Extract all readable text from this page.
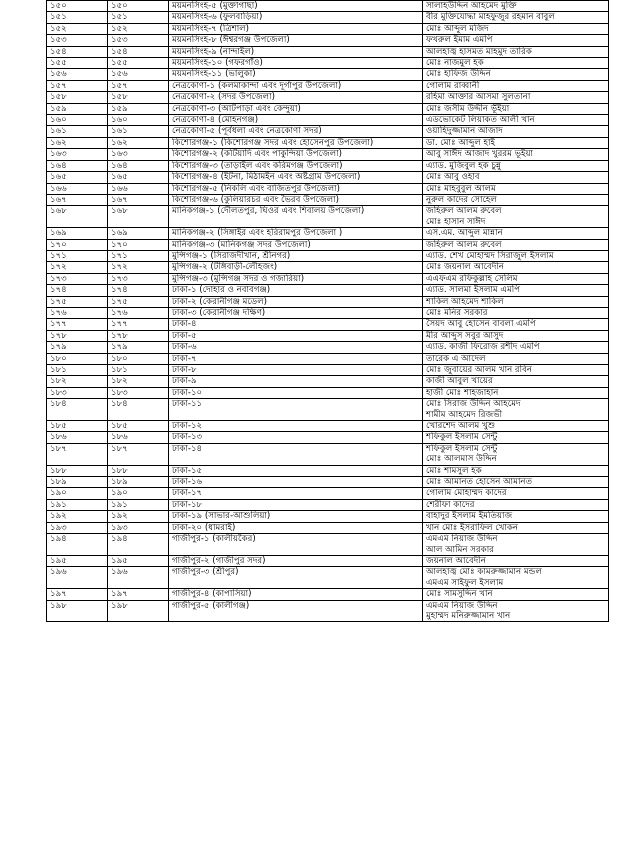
১৫০	১৫০	ময়মনসিংহ-৫ (মুক্তাগাছা)	সালাহউদ্দিন আহমেদ মুক্তি

১৫১	১৫১	ময়মনসিংহ-৬ (ফুলবাড়িয়া)	বীর মুক্তিযোদ্ধা মাহফুজুর রহমান বাবুল

১৫২	১৫২	ময়মনসিংহ-৭ (ত্রিশাল)	মোঃ আব্দুল মজিদ

১৫৩	১৫৩	ময়মনসিংহ-৮ (ঈশ্বরগঞ্জ উপজেলা)	ফখরুল ইমাম এমপি

১৫৪	১৫৪	ময়মনসিংহ-৯ (নান্দাইল)	আলহাজ্ব হাসমত মাহমুদ তারিক

১৫৫	১৫৫	ময়মনসিংহ-১০ (গফরগাঁও)	মোঃ নাজমুল হক

১৫৬	১৫৬	ময়মনসিংহ-১১ (ভালুকা)	মোঃ হাফিজ উদ্দিন

১৫৭	১৫৭	নেত্রকোণা-১ (কলমাকান্দা এবং দূর্গাপুর উপজেলা)	গোলাম রাব্বানী

১৫৮	১৫৮	নেত্রকোণা-২ (সদর উপজেলা)	রহিমা আক্তার আসমা সুলতানা

১৫৯	১৫৯	নেত্রকোণা-৩ (আটপাড়া এবং কেন্দুয়া)	মোঃ জসীম উদ্দীন ভূঁইয়া

১৬০	১৬০	নেত্রকোণা-৪ (মোহনগঞ্জ)	এডভোকেট লিয়াকত আলী খান

১৬১	১৬১	নেত্রকোণা-৫ (পূর্বধলা এবং নেত্রকোণা সদর)	ওয়াহিদুজ্জামান আজাদ

১৬২	১৬২	কিশোরগঞ্জ-১ (কিশোরগঞ্জ সদর এবং হোসেনপুর উপজেলা)	ডা. মোঃ আব্দুল হাই

১৬৩	১৬৩	কিশোরগঞ্জ-২ (কটিয়াদি এবং পাকুন্দিয়া উপজেলা)	আবু সাঈদ আজাদ খুররম ভূইয়া

১৬৪	১৬৪	কিশোরগঞ্জ-৩ (তাড়াইল এবং করিমগঞ্জ উপজেলা)	এ্যাড. মুজিবুল হক চুন্নু

১৬৫	১৬৫	কিশোরগঞ্জ-৪ (ইটনা, মিঠামইন এবং অষ্টগ্রাম উপজেলা)	মোঃ আবু ওহাব

১৬৬	১৬৬	কিশোরগঞ্জ-৫ (নিকলি এবং বাজিতপুর উপজেলা)	মোঃ মাহবুবুল আলম

১৬৭	১৬৭	কিশোরগঞ্জ-৬ (কুলিয়ারচর এবং ভৈরব উপজেলা)	নুরুল কাদের সোহেল

১৬৮	১৬৮	মানিকগঞ্জ-১ (দৌলতপুর, ঘিওর এবং শিবালয় উপজেলা)	জহিরুল আলম রুবেল
মোঃ হাসান সাঈদ

১৬৯	১৬৯	মানিকগঞ্জ-২ (সিঙ্গাইর এবং হরিরামপুর উপজেলা )	এস.এম. আব্দুল মান্নান

১৭০	১৭০	মানিকগঞ্জ-৩ (মানিকগঞ্জ সদর উপজেলা)	জহিরুল আলম রুবেল

১৭১	১৭১	মুন্সিগঞ্জ-১ (সিরাজদীখান, শ্রীনগর)	এ্যাড. শেখ মোহাম্মদ সিরাজুল ইসলাম

১৭২	১৭২	মুন্সিগঞ্জ-২ (টঙ্গিবাড়ী-লৌহজং)	মোঃ জয়নাল আবেদীন

১৭৩	১৭৩	মুন্সিগঞ্জ-৩ (মুন্সিগঞ্জ সদর ও গজারিয়া)	এএফএম রফিকুল্লাহ সেলিম

১৭৪	১৭৪	ঢাকা-১ (দোহার ও নবাবগঞ্জ)	এ্যাড. সালমা ইসলাম এমপি

১৭৫	১৭৫	ঢাকা-২ (কেরানীগঞ্জ মডেল)	শাকিল আহমেদ শাকিল

১৭৬	১৭৬	ঢাকা-৩ (কেরানীগঞ্জ দক্ষিণ)	মোঃ মনির সরকার

১৭৭	১৭৭	ঢাকা-৪	সৈয়দ আবু হোসেন বাবলা এমপি

১৭৮	১৭৮	ঢাকা-৫	মীর আব্দুস সবুর আসুদ

১৭৯	১৭৯	ঢাকা-৬	এ্যাড. কাজী ফিরোজ রশীদ এমপি

১৮০	১৮০	ঢাকা-৭	তারেক এ আদেল

১৮১	১৮১	ঢাকা-৮	মোঃ জুবায়ের আলম খান রবিন

১৮২	১৮২	ঢাকা-৯	কাজী আবুল খায়ের

১৮৩	১৮৩	ঢাকা-১০	হাজী মোঃ শাহজাহান

১৮৪	১৮৪	ঢাকা-১১	মোঃ সিরাজ উদ্দিন আহমেদ
শামীম আহমেদ রিজভী

১৮৫	১৮৫	ঢাকা-১২	খোরশেদ আলম খুশু

১৮৬	১৮৬	ঢাকা-১৩	শফিকুল ইসলাম সেন্টু

১৮৭	১৮৭	ঢাকা-১৪	শফিকুল ইসলাম সেন্টু
মোঃ আলমাস উদ্দিন

১৮৮	১৮৮	ঢাকা-১৫	মোঃ শামসুল হক

১৮৯	১৮৯	ঢাকা-১৬	মোঃ আমানত হোসেন আমানত

১৯০	১৯০	ঢাকা-১৭	গোলাম মোহাম্মদ কাদের

১৯১	১৯১	ঢাকা-১৮	শেরীফা কাদের

১৯২	১৯২	ঢাকা-১৯ (সাভার-আশুলিয়া)	বাহাদুর ইসলাম ইমতিয়াজ

১৯৩	১৯৩	ঢাকা-২০ (ধামরাই)	খান মোঃ ইসরাফিল খোকন

১৯৪	১৯৪	গাজীপুর-১ (কালীয়কৈর)	এমএম নিয়াজ উদ্দিন
আল আমিন সরকার

১৯৫	১৯৫	গাজীপুর-২ (গাজীপুর সদর)	জয়নাল আবেদীন

১৯৬	১৯৬	গাজীপুর-৩ (শ্রীপুর)	আলহাজ্ব মোঃ কামরুজ্জামান মন্ডল
এমএম সাইফুল ইসলাম

১৯৭	১৯৭	গাজীপুর-৪ (কাপাসিয়া)	মোঃ সামসুদ্দিন খান

১৯৮	১৯৮	গাজীপুর-৫ (কালীগঞ্জ)	এমএম নিয়াজ উদ্দিন
মুহাম্মদ মনিরুজ্জামান খান
